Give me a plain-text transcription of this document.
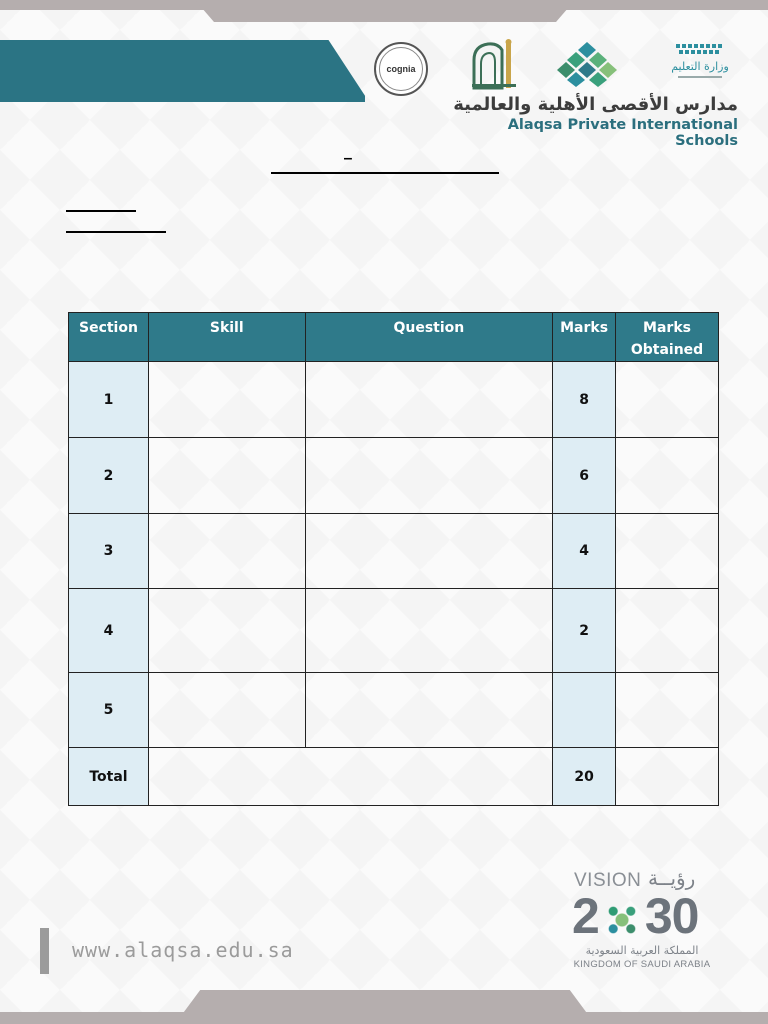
cognia	وزارة التعليم
مدارس الأقصى الأهلية والعالمية
Alaqsa Private International Schools
–
Section	Skill	Question	Marks	Marks Obtained
1			8	
2			6	
3			4	
4			2	
5				
Total			20	
VISION رؤيــة
2 30
المملكة العربية السعودية
KINGDOM OF SAUDI ARABIA
www.alaqsa.edu.sa
